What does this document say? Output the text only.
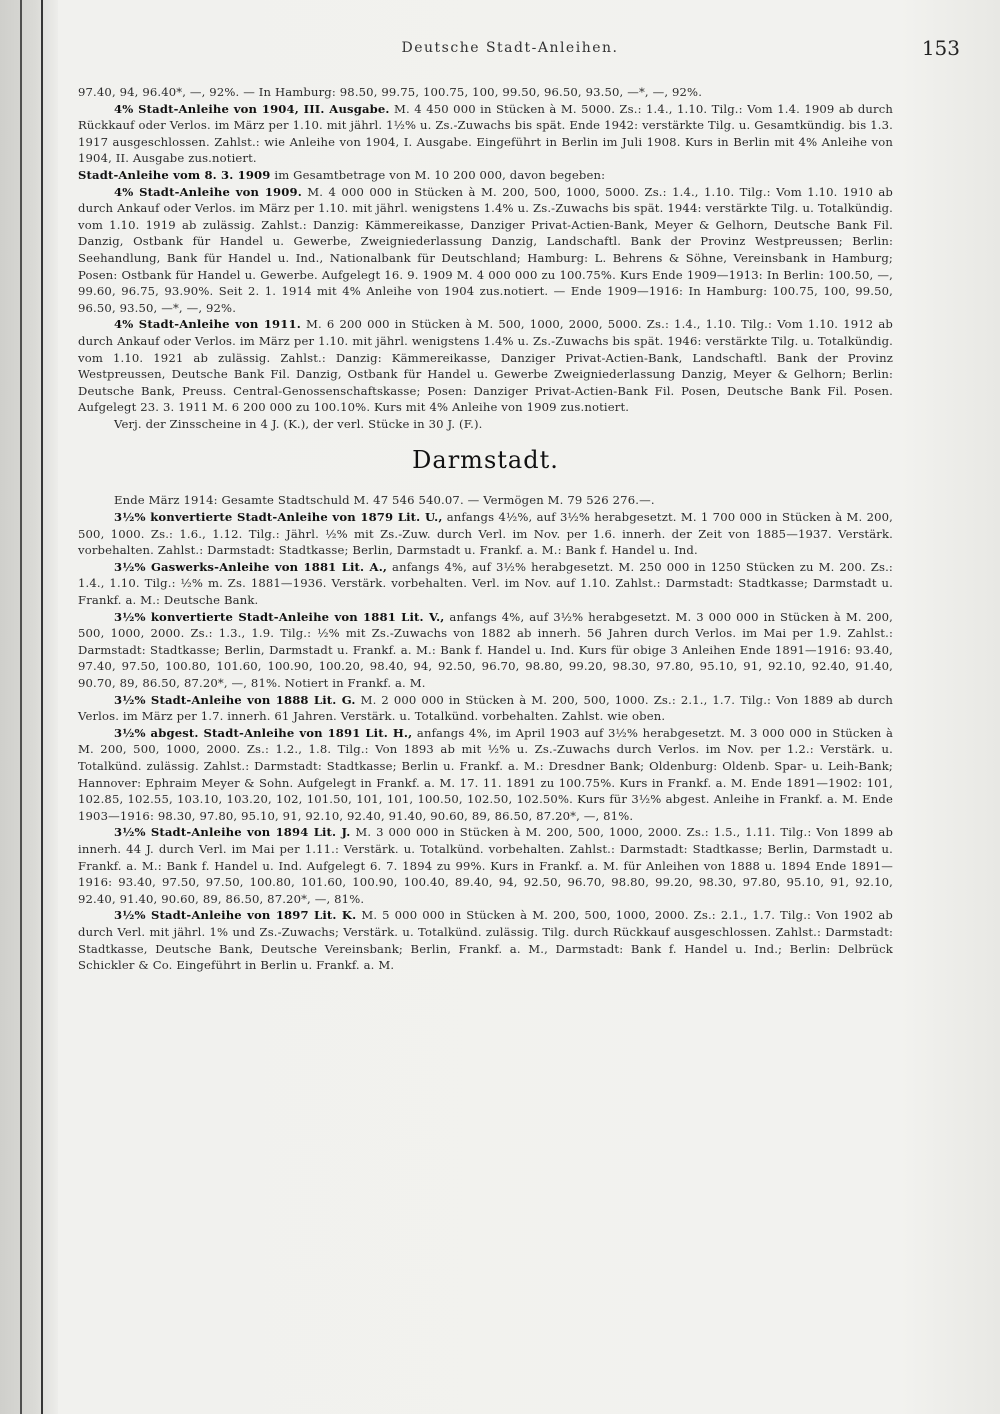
Deutsche Stadt-Anleihen.	153

97.40, 94, 96.40*, —, 92%. — In Hamburg: 98.50, 99.75, 100.75, 100, 99.50, 96.50, 93.50, —*, —, 92%.

4% Stadt-Anleihe von 1904, III. Ausgabe. M. 4 450 000 in Stücken à M. 5000. Zs.: 1.4., 1.10. Tilg.: Vom 1.4. 1909 ab durch Rückkauf oder Verlos. im März per 1.10. mit jährl. 1½% u. Zs.-Zuwachs bis spät. Ende 1942: verstärkte Tilg. u. Gesamtkündig. bis 1.3. 1917 ausgeschlossen. Zahlst.: wie Anleihe von 1904, I. Ausgabe. Eingeführt in Berlin im Juli 1908. Kurs in Berlin mit 4% Anleihe von 1904, II. Ausgabe zus.notiert.

Stadt-Anleihe vom 8. 3. 1909 im Gesamtbetrage von M. 10 200 000, davon begeben:

4% Stadt-Anleihe von 1909. M. 4 000 000 in Stücken à M. 200, 500, 1000, 5000. Zs.: 1.4., 1.10. Tilg.: Vom 1.10. 1910 ab durch Ankauf oder Verlos. im März per 1.10. mit jährl. wenigstens 1.4% u. Zs.-Zuwachs bis spät. 1944: verstärkte Tilg. u. Totalkündig. vom 1.10. 1919 ab zulässig. Zahlst.: Danzig: Kämmereikasse, Danziger Privat-Actien-Bank, Meyer & Gelhorn, Deutsche Bank Fil. Danzig, Ostbank für Handel u. Gewerbe, Zweigniederlassung Danzig, Landschaftl. Bank der Provinz Westpreussen; Berlin: Seehandlung, Bank für Handel u. Ind., Nationalbank für Deutschland; Hamburg: L. Behrens & Söhne, Vereinsbank in Hamburg; Posen: Ostbank für Handel u. Gewerbe. Aufgelegt 16. 9. 1909 M. 4 000 000 zu 100.75%. Kurs Ende 1909—1913: In Berlin: 100.50, —, 99.60, 96.75, 93.90%. Seit 2. 1. 1914 mit 4% Anleihe von 1904 zus.notiert. — Ende 1909—1916: In Hamburg: 100.75, 100, 99.50, 96.50, 93.50, —*, —, 92%.

4% Stadt-Anleihe von 1911. M. 6 200 000 in Stücken à M. 500, 1000, 2000, 5000. Zs.: 1.4., 1.10. Tilg.: Vom 1.10. 1912 ab durch Ankauf oder Verlos. im März per 1.10. mit jährl. wenigstens 1.4% u. Zs.-Zuwachs bis spät. 1946: verstärkte Tilg. u. Totalkündig. vom 1.10. 1921 ab zulässig. Zahlst.: Danzig: Kämmereikasse, Danziger Privat-Actien-Bank, Landschaftl. Bank der Provinz Westpreussen, Deutsche Bank Fil. Danzig, Ostbank für Handel u. Gewerbe Zweigniederlassung Danzig, Meyer & Gelhorn; Berlin: Deutsche Bank, Preuss. Central-Genossenschaftskasse; Posen: Danziger Privat-Actien-Bank Fil. Posen, Deutsche Bank Fil. Posen. Aufgelegt 23. 3. 1911 M. 6 200 000 zu 100.10%. Kurs mit 4% Anleihe von 1909 zus.notiert.

Verj. der Zinsscheine in 4 J. (K.), der verl. Stücke in 30 J. (F.).

Darmstadt.

Ende März 1914: Gesamte Stadtschuld M. 47 546 540.07. — Vermögen M. 79 526 276.—.

3½% konvertierte Stadt-Anleihe von 1879 Lit. U., anfangs 4½%, auf 3½% herabgesetzt. M. 1 700 000 in Stücken à M. 200, 500, 1000. Zs.: 1.6., 1.12. Tilg.: Jährl. ½% mit Zs.-Zuw. durch Verl. im Nov. per 1.6. innerh. der Zeit von 1885—1937. Verstärk. vorbehalten. Zahlst.: Darmstadt: Stadtkasse; Berlin, Darmstadt u. Frankf. a. M.: Bank f. Handel u. Ind.

3½% Gaswerks-Anleihe von 1881 Lit. A., anfangs 4%, auf 3½% herabgesetzt. M. 250 000 in 1250 Stücken zu M. 200. Zs.: 1.4., 1.10. Tilg.: ½% m. Zs. 1881—1936. Verstärk. vorbehalten. Verl. im Nov. auf 1.10. Zahlst.: Darmstadt: Stadtkasse; Darmstadt u. Frankf. a. M.: Deutsche Bank.

3½% konvertierte Stadt-Anleihe von 1881 Lit. V., anfangs 4%, auf 3½% herabgesetzt. M. 3 000 000 in Stücken à M. 200, 500, 1000, 2000. Zs.: 1.3., 1.9. Tilg.: ½% mit Zs.-Zuwachs von 1882 ab innerh. 56 Jahren durch Verlos. im Mai per 1.9. Zahlst.: Darmstadt: Stadtkasse; Berlin, Darmstadt u. Frankf. a. M.: Bank f. Handel u. Ind. Kurs für obige 3 Anleihen Ende 1891—1916: 93.40, 97.40, 97.50, 100.80, 101.60, 100.90, 100.20, 98.40, 94, 92.50, 96.70, 98.80, 99.20, 98.30, 97.80, 95.10, 91, 92.10, 92.40, 91.40, 90.70, 89, 86.50, 87.20*, —, 81%. Notiert in Frankf. a. M.

3½% Stadt-Anleihe von 1888 Lit. G. M. 2 000 000 in Stücken à M. 200, 500, 1000. Zs.: 2.1., 1.7. Tilg.: Von 1889 ab durch Verlos. im März per 1.7. innerh. 61 Jahren. Verstärk. u. Totalkünd. vorbehalten. Zahlst. wie oben.

3½% abgest. Stadt-Anleihe von 1891 Lit. H., anfangs 4%, im April 1903 auf 3½% herabgesetzt. M. 3 000 000 in Stücken à M. 200, 500, 1000, 2000. Zs.: 1.2., 1.8. Tilg.: Von 1893 ab mit ½% u. Zs.-Zuwachs durch Verlos. im Nov. per 1.2.: Verstärk. u. Totalkünd. zulässig. Zahlst.: Darmstadt: Stadtkasse; Berlin u. Frankf. a. M.: Dresdner Bank; Oldenburg: Oldenb. Spar- u. Leih-Bank; Hannover: Ephraim Meyer & Sohn. Aufgelegt in Frankf. a. M. 17. 11. 1891 zu 100.75%. Kurs in Frankf. a. M. Ende 1891—1902: 101, 102.85, 102.55, 103.10, 103.20, 102, 101.50, 101, 101, 100.50, 102.50, 102.50%. Kurs für 3½% abgest. Anleihe in Frankf. a. M. Ende 1903—1916: 98.30, 97.80, 95.10, 91, 92.10, 92.40, 91.40, 90.60, 89, 86.50, 87.20*, —, 81%.

3½% Stadt-Anleihe von 1894 Lit. J. M. 3 000 000 in Stücken à M. 200, 500, 1000, 2000. Zs.: 1.5., 1.11. Tilg.: Von 1899 ab innerh. 44 J. durch Verl. im Mai per 1.11.: Verstärk. u. Totalkünd. vorbehalten. Zahlst.: Darmstadt: Stadtkasse; Berlin, Darmstadt u. Frankf. a. M.: Bank f. Handel u. Ind. Aufgelegt 6. 7. 1894 zu 99%. Kurs in Frankf. a. M. für Anleihen von 1888 u. 1894 Ende 1891—1916: 93.40, 97.50, 97.50, 100.80, 101.60, 100.90, 100.40, 89.40, 94, 92.50, 96.70, 98.80, 99.20, 98.30, 97.80, 95.10, 91, 92.10, 92.40, 91.40, 90.60, 89, 86.50, 87.20*, —, 81%.

3½% Stadt-Anleihe von 1897 Lit. K. M. 5 000 000 in Stücken à M. 200, 500, 1000, 2000. Zs.: 2.1., 1.7. Tilg.: Von 1902 ab durch Verl. mit jährl. 1% und Zs.-Zuwachs; Verstärk. u. Totalkünd. zulässig. Tilg. durch Rückkauf ausgeschlossen. Zahlst.: Darmstadt: Stadtkasse, Deutsche Bank, Deutsche Vereinsbank; Berlin, Frankf. a. M., Darmstadt: Bank f. Handel u. Ind.; Berlin: Delbrück Schickler & Co. Eingeführt in Berlin u. Frankf. a. M.
